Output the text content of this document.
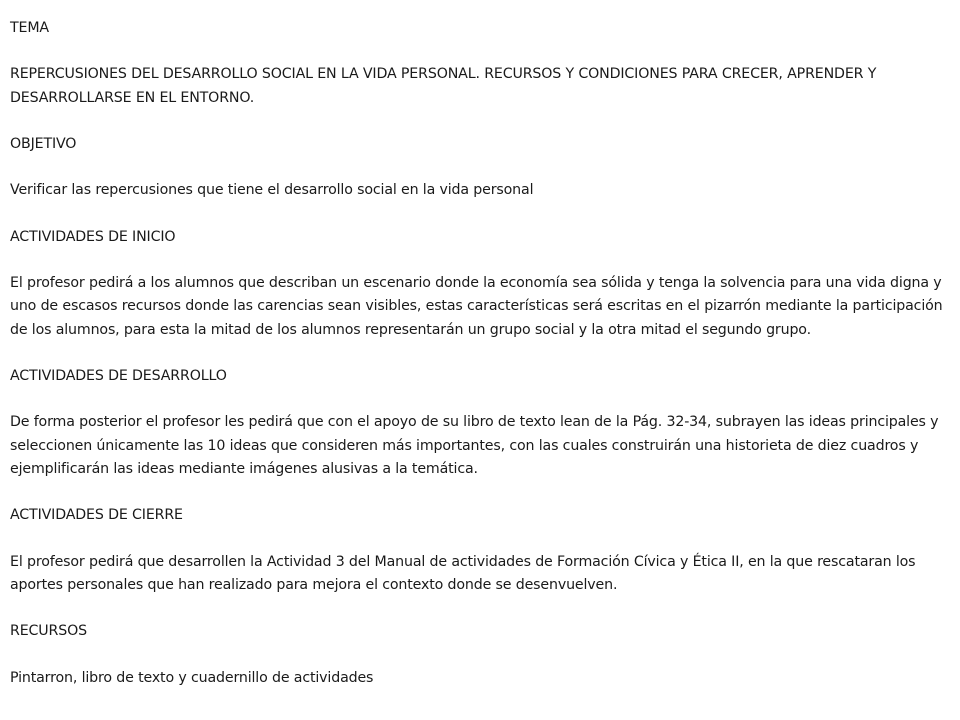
TEMA

REPERCUSIONES DEL DESARROLLO SOCIAL EN LA VIDA PERSONAL. RECURSOS Y CONDICIONES PARA CRECER, APRENDER Y DESARROLLARSE EN EL ENTORNO.

OBJETIVO

Verificar las repercusiones que tiene el desarrollo social en la vida personal

ACTIVIDADES DE INICIO

El profesor pedirá a los alumnos que describan un escenario donde la economía sea sólida y tenga la solvencia para una vida digna y uno de escasos recursos donde las carencias sean visibles, estas características será escritas en el pizarrón mediante la participación de los alumnos, para esta la mitad de los alumnos representarán un grupo social y la otra mitad el segundo grupo.

ACTIVIDADES DE DESARROLLO

De forma posterior el profesor les pedirá que con el apoyo de su libro de texto lean de la Pág. 32-34, subrayen las ideas principales y seleccionen únicamente las 10 ideas que consideren más importantes, con las cuales construirán una historieta de diez cuadros y ejemplificarán las ideas mediante imágenes alusivas a la temática.

ACTIVIDADES DE CIERRE

El profesor pedirá que desarrollen la Actividad 3 del Manual de actividades de Formación Cívica y Ética II, en la que rescataran los aportes personales que han realizado para mejora el contexto donde se desenvuelven.

RECURSOS

Pintarron, libro de texto y cuadernillo de actividades
